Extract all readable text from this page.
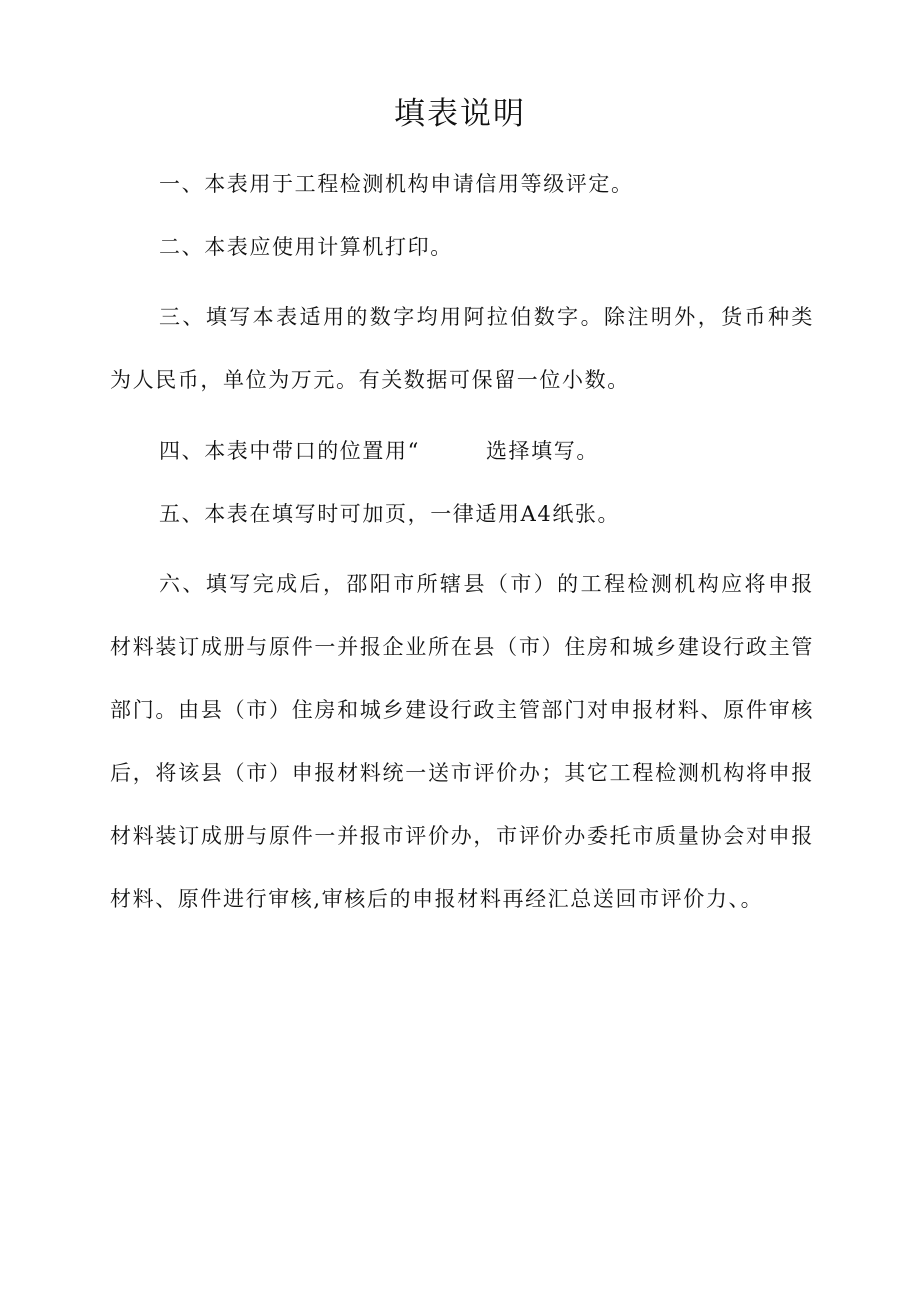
填表说明

一、本表用于工程检测机构申请信用等级评定。

二、本表应使用计算机打印。

三、填写本表适用的数字均用阿拉伯数字。除注明外，货币种类为人民币，单位为万元。有关数据可保留一位小数。

四、本表中带口的位置用“	选择填写。

五、本表在填写时可加页，一律适用A4纸张。

六、填写完成后，邵阳市所辖县（市）的工程检测机构应将申报材料装订成册与原件一并报企业所在县（市）住房和城乡建设行政主管部门。由县（市）住房和城乡建设行政主管部门对申报材料、原件审核后，将该县（市）申报材料统一送市评价办；其它工程检测机构将申报材料装订成册与原件一并报市评价办，市评价办委托市质量协会对申报材料、原件进行审核,审核后的申报材料再经汇总送回市评价力、。
